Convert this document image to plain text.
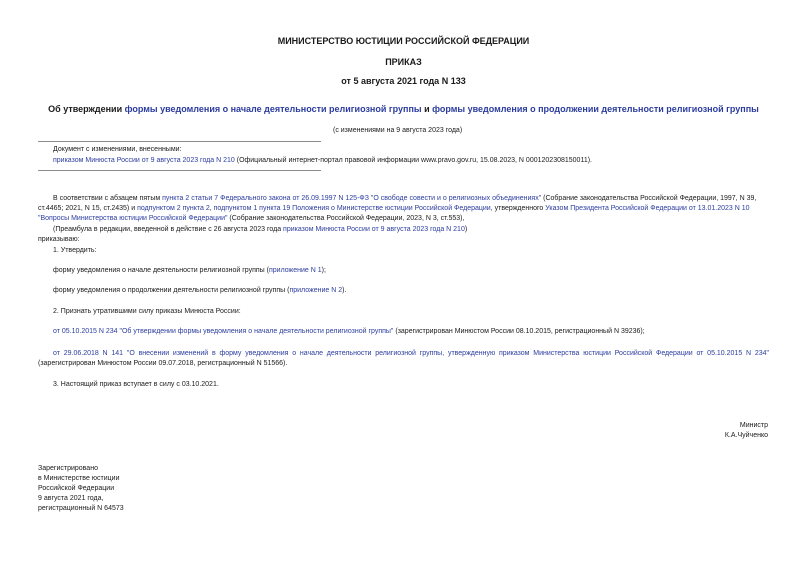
МИНИСТЕРСТВО ЮСТИЦИИ РОССИЙСКОЙ ФЕДЕРАЦИИ
ПРИКАЗ
от 5 августа 2021 года N 133
Об утверждении формы уведомления о начале деятельности религиозной группы и формы уведомления о продолжении деятельности религиозной группы
(с изменениями на 9 августа 2023 года)
Документ с изменениями, внесенными:
приказом Минюста России от 9 августа 2023 года N 210 (Официальный интернет-портал правовой информации www.pravo.gov.ru, 15.08.2023, N 0001202308150011).
В соответствии с абзацем пятым пункта 2 статьи 7 Федерального закона от 26.09.1997 N 125-ФЗ "О свободе совести и о религиозных объединениях" (Собрание законодательства Российской Федерации, 1997, N 39, ст.4465; 2021, N 15, ст.2435) и подпунктом 2 пункта 2, подпунктом 1 пункта 19 Положения о Министерстве юстиции Российской Федерации, утвержденного Указом Президента Российской Федерации от 13.01.2023 N 10 "Вопросы Министерства юстиции Российской Федерации" (Собрание законодательства Российской Федерации, 2023, N 3, ст.553),
(Преамбула в редакции, введенной в действие с 26 августа 2023 года приказом Минюста России от 9 августа 2023 года N 210)
приказываю:
1. Утвердить:
форму уведомления о начале деятельности религиозной группы (приложение N 1);
форму уведомления о продолжении деятельности религиозной группы (приложение N 2).
2. Признать утратившими силу приказы Минюста России:
от 05.10.2015 N 234 "Об утверждении формы уведомления о начале деятельности религиозной группы" (зарегистрирован Минюстом России 08.10.2015, регистрационный N 39236);
от 29.06.2018 N 141 "О внесении изменений в форму уведомления о начале деятельности религиозной группы, утвержденную приказом Министерства юстиции Российской Федерации от 05.10.2015 N 234" (зарегистрирован Минюстом России 09.07.2018, регистрационный N 51566).
3. Настоящий приказ вступает в силу с 03.10.2021.

Министр

К.А.Чуйченко

Зарегистрировано

в Министерстве юстиции

Российской Федерации

9 августа 2021 года,

регистрационный N 64573
